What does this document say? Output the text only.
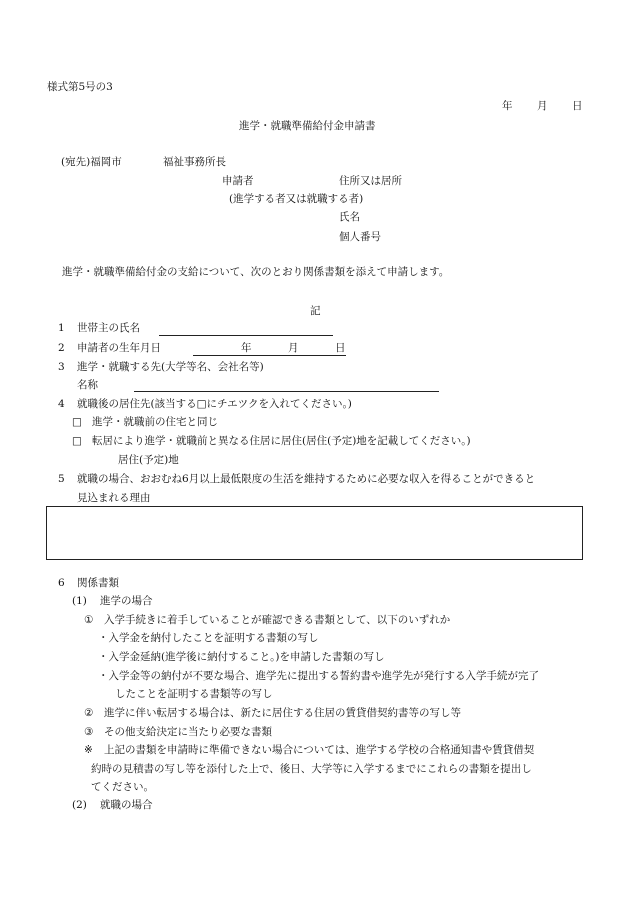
様式第5号の3
年 月 日
進学・就職準備給付金申請書
(宛先)福岡市	福祉事務所長
申請者	住所又は居所
(進学する者又は就職する者)
氏名
個人番号
進学・就職準備給付金の支給について、次のとおり関係書類を添えて申請します。
記
1 世帯主の氏名
2 申請者の生年月日	年	月	日
3 進学・就職する先(大学等名、会社名等)
名称
4 就職後の居住先(該当する□にチエツクを入れてください。)
□ 進学・就職前の住宅と同じ
□ 転居により進学・就職前と異なる住居に居住(居住(予定)地を記載してください。)
居住(予定)地
5 就職の場合、おおむね6月以上最低限度の生活を維持するために必要な収入を得ることができると
見込まれる理由
6 関係書類
(1) 進学の場合
① 入学手続きに着手していることが確認できる書類として、以下のいずれか
・入学金を納付したことを証明する書類の写し
・入学金延納(進学後に納付すること。)を申請した書類の写し
・入学金等の納付が不要な場合、進学先に提出する誓約書や進学先が発行する入学手続が完了
したことを証明する書類等の写し
② 進学に伴い転居する場合は、新たに居住する住居の賃貸借契約書等の写し等
③ その他支給決定に当たり必要な書類
※ 上記の書類を申請時に準備できない場合については、進学する学校の合格通知書や賃貸借契
約時の見積書の写し等を添付した上で、後日、大学等に入学するまでにこれらの書類を提出し
てください。
(2) 就職の場合
